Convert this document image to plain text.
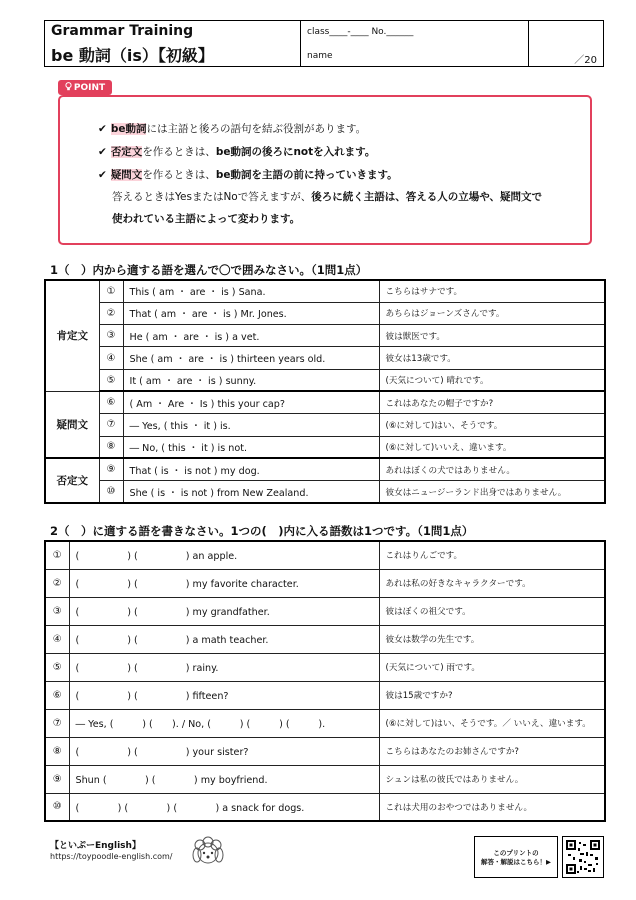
Grammar Training
be 動詞（is）【初級】
class____-____ No.______
name	／20
POINT
✔ be動詞には主語と後ろの語句を結ぶ役割があります。
✔ 否定文を作るときは、be動詞の後ろにnotを入れます。
✔ 疑問文を作るときは、be動詞を主語の前に持っていきます。
答えるときはYesまたはNoで答えますが、後ろに続く主語は、答える人の立場や、疑問文で
使われている主語によって変わります。
1（　）内から適する語を選んで〇で囲みなさい。（1問1点）
肯定文	①	This ( am ・ are ・ is ) Sana.	こちらはサナです。
	②	That ( am ・ are ・ is ) Mr. Jones.	あちらはジョーンズさんです。
	③	He ( am ・ are ・ is ) a vet.	彼は獣医です。
	④	She ( am ・ are ・ is ) thirteen years old.	彼女は13歳です。
	⑤	It ( am ・ are ・ is ) sunny.	(天気について) 晴れです。
疑問文	⑥	( Am ・ Are ・ Is ) this your cap?	これはあなたの帽子ですか?
	⑦	― Yes, ( this ・ it ) is.	(⑥に対して)はい、そうです。
	⑧	― No, ( this ・ it ) is not.	(⑥に対して)いいえ、違います。
否定文	⑨	That ( is ・ is not ) my dog.	あれはぼくの犬ではありません。
	⑩	She ( is ・ is not ) from New Zealand.	彼女はニュージーランド出身ではありません。
2（　）に適する語を書きなさい。1つの(　)内に入る語数は1つです。（1問1点）
①	(　　　　　) (　　　　　) an apple.	これはりんごです。
②	(　　　　　) (　　　　　) my favorite character.	あれは私の好きなキャラクターです。
③	(　　　　　) (　　　　　) my grandfather.	彼はぼくの祖父です。
④	(　　　　　) (　　　　　) a math teacher.	彼女は数学の先生です。
⑤	(　　　　　) (　　　　　) rainy.	(天気について) 雨です。
⑥	(　　　　　) (　　　　　) fifteen?	彼は15歳ですか?
⑦	― Yes, (　　　) (　　). / No, (　　　) (　　　) (　　　).	(⑥に対して)はい、そうです。／ いいえ、違います。
⑧	(　　　　　) (　　　　　) your sister?	こちらはあなたのお姉さんですか?
⑨	Shun (　　　　) (　　　　) my boyfriend.	シュンは私の彼氏ではありません。
⑩	(　　　　) (　　　　) (　　　　) a snack for dogs.	これは犬用のおやつではありません。
【といぷーEnglish】
https://toypoodle-english.com/	このプリントの
解答・解説はこちら！▶
